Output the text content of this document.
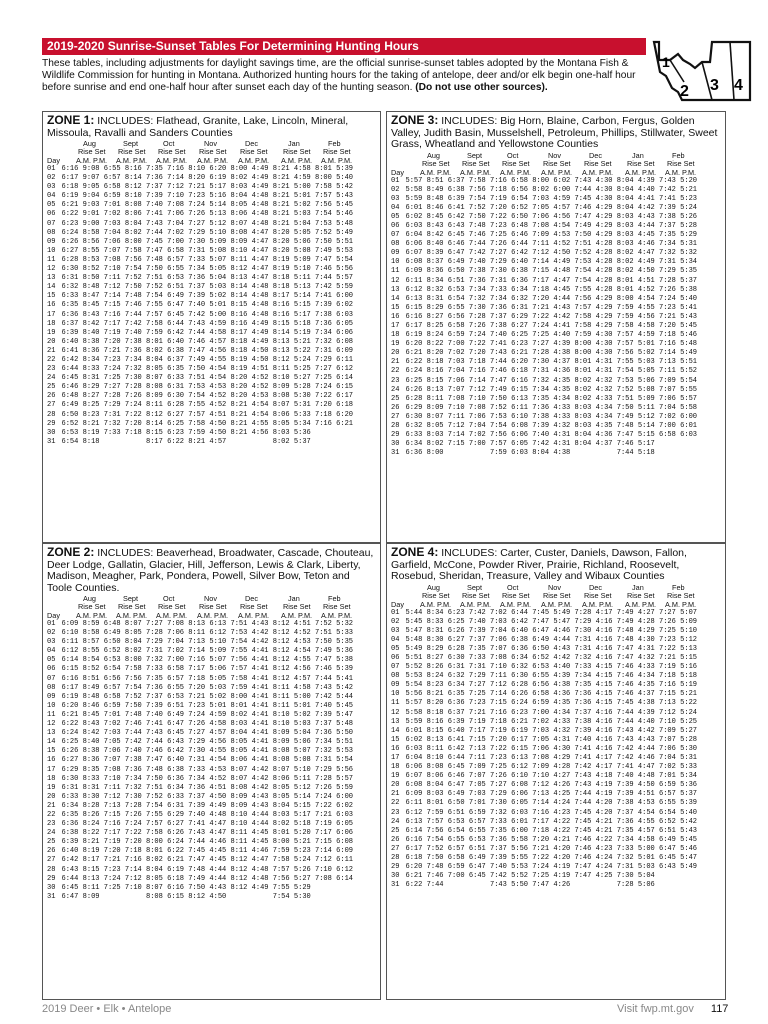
2019-2020 Sunrise-Sunset Tables For Determining Hunting Hours
These tables, including adjustments for daylight savings time, are the official sunrise-sunset tables adopted by the Montana Fish & Wildlife Commission for hunting in Montana. Authorized hunting hours for the taking of antelope, deer and/or elk begin one-half hour before sunrise and end one-half hour after sunset each day of the hunting season. (Do not use other sources).
1
2 3 4
ZONE 1: INCLUDES: Flathead, Granite, Lake, Lincoln, Mineral, Missoula, Ravalli and Sanders Counties
Aug
Rise Set
A.M. P.M.
Sept
Rise Set
A.M. P.M.
Oct
Rise Set
A.M. P.M.
Nov
Rise Set
A.M. P.M.
Dec
Rise Set
A.M. P.M.
Jan
Rise Set
A.M. P.M.
Feb
Rise Set
A.M. P.M.
Day
01	6:16 9:08	6:55 8:16	7:35 7:16	8:10 6:20	8:00 4:49	8:21 4:58	8:01 5:39
02	6:17 9:07	6:57 8:14	7:36 7:14	8:20 6:19	8:02 4:49	8:21 4:59	8:00 5:40
03	6:18 9:05	6:58 8:12	7:37 7:12	7:21 5:17	8:03 4:49	8:21 5:00	7:58 5:42
04	6:19 9:04	6:59 8:10	7:39 7:10	7:23 5:16	8:04 4:48	8:21 5:01	7:57 5:43
05	6:21 9:03	7:01 8:08	7:40 7:08	7:24 5:14	8:05 4:48	8:21 5:02	7:56 5:45
06	6:22 9:01	7:02 8:06	7:41 7:06	7:26 5:13	8:06 4:48	8:21 5:03	7:54 5:46
07	6:23 9:00	7:03 8:04	7:43 7:04	7:27 5:12	8:07 4:48	8:21 5:04	7:53 5:48
08	6:24 8:58	7:04 8:02	7:44 7:02	7:29 5:10	8:08 4:47	8:20 5:05	7:52 5:49
09	6:26 8:56	7:06 8:00	7:45 7:00	7:30 5:09	8:09 4:47	8:20 5:06	7:50 5:51
10	6:27 8:55	7:07 7:58	7:47 6:58	7:31 5:08	8:10 4:47	8:20 5:08	7:49 5:53
11	6:28 8:53	7:08 7:56	7:48 6:57	7:33 5:07	8:11 4:47	8:19 5:09	7:47 5:54
12	6:30 8:52	7:10 7:54	7:50 6:55	7:34 5:05	8:12 4:47	8:19 5:10	7:46 5:56
13	6:31 8:50	7:11 7:52	7:51 6:53	7:36 5:04	8:13 4:47	8:18 5:11	7:44 5:57
14	6:32 8:48	7:12 7:50	7:52 6:51	7:37 5:03	8:14 4:48	8:18 5:13	7:42 5:59
15	6:33 8:47	7:14 7:48	7:54 6:49	7:39 5:02	8:14 4:48	8:17 5:14	7:41 6:00
16	6:35 8:45	7:15 7:46	7:55 6:47	7:40 5:01	8:15 4:48	8:16 5:15	7:39 6:02
17	6:36 8:43	7:16 7:44	7:57 6:45	7:42 5:00	8:16 4:48	8:16 5:17	7:38 6:03
18	6:37 8:42	7:17 7:42	7:58 6:44	7:43 4:59	8:16 4:49	8:15 5:18	7:36 6:05
19	6:39 8:40	7:19 7:40	7:59 6:42	7:44 4:58	8:17 4:49	8:14 5:19	7:34 6:06
20	6:40 8:38	7:20 7:38	8:01 6:40	7:46 4:57	8:18 4:49	8:13 5:21	7:32 6:08
21	6:41 8:36	7:21 7:36	8:02 6:38	7:47 4:56	8:18 4:50	8:13 5:22	7:31 6:09
22	6:42 8:34	7:23 7:34	8:04 6:37	7:49 4:55	8:19 4:50	8:12 5:24	7:29 6:11
23	6:44 8:33	7:24 7:32	8:05 6:35	7:50 4:54	8:19 4:51	8:11 5:25	7:27 6:12
24	6:45 8:31	7:25 7:30	8:07 6:33	7:51 4:54	8:20 4:52	8:10 5:27	7:25 6:14
25	6:46 8:29	7:27 7:28	8:08 6:31	7:53 4:53	8:20 4:52	8:09 5:28	7:24 6:15
26	6:48 8:27	7:28 7:26	8:09 6:30	7:54 4:52	8:20 4:53	8:08 5:30	7:22 6:17
27	6:49 8:25	7:29 7:24	8:11 6:28	7:55 4:52	8:21 4:54	8:07 5:31	7:20 6:18
28	6:50 8:23	7:31 7:22	8:12 6:27	7:57 4:51	8:21 4:54	8:06 5:33	7:18 6:20
29	6:52 8:21	7:32 7:20	8:14 6:25	7:58 4:50	8:21 4:55	8:05 5:34	7:16 6:21
30	6:53 8:19	7:33 7:18	8:15 6:23	7:59 4:50	8:21 4:56	8:03 5:36	
31	6:54 8:18		8:17 6:22	8:21 4:57		8:02 5:37	
ZONE 3: INCLUDES: Big Horn, Blaine, Carbon, Fergus, Golden Valley, Judith Basin, Musselshell, Petroleum, Phillips, Stillwater, Sweet Grass, Wheatland and Yellowstone Counties
Aug
Rise Set
A.M. P.M.
Sept
Rise Set
A.M. P.M.
Oct
Rise Set
A.M. P.M.
Nov
Rise Set
A.M. P.M.
Dec
Rise Set
A.M. P.M.
Jan
Rise Set
A.M. P.M.
Feb
Rise Set
A.M. P.M.
Day
01	5:57 8:51	6:37 7:58	7:16 6:58	8:00 6:02	7:43 4:30	8:04 4:39	7:43 5:20
02	5:58 8:49	6:38 7:56	7:18 6:56	8:02 6:00	7:44 4:30	8:04 4:40	7:42 5:21
03	5:59 8:48	6:39 7:54	7:19 6:54	7:03 4:59	7:45 4:30	8:04 4:41	7:41 5:23
04	6:01 8:46	6:41 7:52	7:20 6:52	7:05 4:57	7:46 4:29	8:04 4:42	7:39 5:24
05	6:02 8:45	6:42 7:50	7:22 6:50	7:06 4:56	7:47 4:29	8:03 4:43	7:38 5:26
06	6:03 8:43	6:43 7:48	7:23 6:48	7:08 4:54	7:49 4:29	8:03 4:44	7:37 5:28
07	6:04 8:42	6:45 7:46	7:25 6:46	7:09 4:53	7:50 4:29	8:03 4:45	7:35 5:29
08	6:06 8:40	6:46 7:44	7:26 6:44	7:11 4:52	7:51 4:28	8:03 4:46	7:34 5:31
09	6:07 8:39	6:47 7:42	7:27 6:42	7:12 4:50	7:52 4:28	8:02 4:47	7:32 5:32
10	6:08 8:37	6:49 7:40	7:29 6:40	7:14 4:49	7:53 4:28	8:02 4:49	7:31 5:34
11	6:09 8:36	6:50 7:38	7:30 6:38	7:15 4:48	7:54 4:28	8:02 4:50	7:29 5:35
12	6:11 8:34	6:51 7:36	7:31 6:36	7:17 4:47	7:54 4:28	8:01 4:51	7:28 5:37
13	6:12 8:32	6:53 7:34	7:33 6:34	7:18 4:45	7:55 4:28	8:01 4:52	7:26 5:38
14	6:13 8:31	6:54 7:32	7:34 6:32	7:20 4:44	7:56 4:29	8:00 4:54	7:24 5:40
15	6:15 8:29	6:55 7:30	7:36 6:31	7:21 4:43	7:57 4:29	7:59 4:55	7:23 5:41
16	6:16 8:27	6:56 7:28	7:37 6:29	7:22 4:42	7:58 4:29	7:59 4:56	7:21 5:43
17	6:17 8:25	6:58 7:26	7:38 6:27	7:24 4:41	7:58 4:29	7:58 4:58	7:20 5:45
18	6:19 8:24	6:59 7:24	7:40 6:25	7:25 4:40	7:59 4:30	7:57 4:59	7:18 5:46
19	6:20 8:22	7:00 7:22	7:41 6:23	7:27 4:39	8:00 4:30	7:57 5:01	7:16 5:48
20	6:21 8:20	7:02 7:20	7:43 6:21	7:28 4:38	8:00 4:30	7:56 5:02	7:14 5:49
21	6:22 8:18	7:03 7:18	7:44 6:20	7:30 4:37	8:01 4:31	7:55 5:03	7:13 5:51
22	6:24 8:16	7:04 7:16	7:46 6:18	7:31 4:36	8:01 4:31	7:54 5:05	7:11 5:52
23	6:25 8:15	7:06 7:14	7:47 6:16	7:32 4:35	8:02 4:32	7:53 5:06	7:09 5:54
24	6:26 8:13	7:07 7:12	7:49 6:15	7:34 4:35	8:02 4:32	7:52 5:08	7:07 5:55
25	6:28 8:11	7:08 7:10	7:50 6:13	7:35 4:34	8:02 4:33	7:51 5:09	7:06 5:57
26	6:29 8:09	7:10 7:08	7:52 6:11	7:36 4:33	8:03 4:34	7:50 5:11	7:04 5:58
27	6:30 8:07	7:11 7:06	7:53 6:10	7:38 4:33	8:03 4:34	7:49 5:12	7:02 6:00
28	6:32 8:05	7:12 7:04	7:54 6:08	7:39 4:32	8:03 4:35	7:48 5:14	7:00 6:01
29	6:33 8:03	7:14 7:02	7:56 6:06	7:40 4:31	8:04 4:36	7:47 5:15	6:58 6:03
30	6:34 8:02	7:15 7:00	7:57 6:05	7:42 4:31	8:04 4:37	7:46 5:17	
31	6:36 8:00		7:59 6:03	8:04 4:38		7:44 5:18	
ZONE 2: INCLUDES: Beaverhead, Broadwater, Cascade, Chouteau, Deer Lodge, Gallatin, Glacier, Hill, Jefferson, Lewis & Clark, Liberty, Madison, Meagher, Park, Pondera, Powell, Silver Bow, Teton and Toole Counties.
Aug
Rise Set
A.M. P.M.
Sept
Rise Set
A.M. P.M.
Oct
Rise Set
A.M. P.M.
Nov
Rise Set
A.M. P.M.
Dec
Rise Set
A.M. P.M.
Jan
Rise Set
A.M. P.M.
Feb
Rise Set
A.M. P.M.
Day
01	6:09 8:59	6:48 8:07	7:27 7:08	8:13 6:13	7:51 4:43	8:12 4:51	7:52 5:32
02	6:10 8:58	6:49 8:05	7:28 7:06	8:11 6:12	7:53 4:42	8:12 4:52	7:51 5:33
03	6:11 8:57	6:50 8:04	7:29 7:04	7:13 5:10	7:54 4:42	8:12 4:53	7:50 5:35
04	6:12 8:55	6:52 8:02	7:31 7:02	7:14 5:09	7:55 4:41	8:12 4:54	7:49 5:36
05	6:14 8:54	6:53 8:00	7:32 7:00	7:16 5:07	7:56 4:41	8:12 4:55	7:47 5:38
06	6:15 8:52	6:54 7:58	7:33 6:58	7:17 5:06	7:57 4:41	8:12 4:56	7:46 5:39
07	6:16 8:51	6:56 7:56	7:35 6:57	7:18 5:05	7:58 4:41	8:12 4:57	7:44 5:41
08	6:17 8:49	6:57 7:54	7:36 6:55	7:20 5:03	7:59 4:41	8:11 4:58	7:43 5:42
09	6:19 8:48	6:58 7:52	7:37 6:53	7:21 5:02	8:00 4:41	8:11 5:00	7:42 5:44
10	6:20 8:46	6:59 7:50	7:39 6:51	7:23 5:01	8:01 4:41	8:11 5:01	7:40 5:45
11	6:21 8:45	7:01 7:48	7:40 6:49	7:24 4:59	8:02 4:41	8:10 5:02	7:39 5:47
12	6:22 8:43	7:02 7:46	7:41 6:47	7:26 4:58	8:03 4:41	8:10 5:03	7:37 5:48
13	6:24 8:42	7:03 7:44	7:43 6:45	7:27 4:57	8:04 4:41	8:09 5:04	7:36 5:50
14	6:25 8:40	7:05 7:42	7:44 6:43	7:29 4:56	8:05 4:41	8:09 5:06	7:34 5:51
15	6:26 8:38	7:06 7:40	7:46 6:42	7:30 4:55	8:05 4:41	8:08 5:07	7:32 5:53
16	6:27 8:36	7:07 7:38	7:47 6:40	7:31 4:54	8:06 4:41	8:08 5:08	7:31 5:54
17	6:29 8:35	7:08 7:36	7:48 6:38	7:33 4:53	8:07 4:42	8:07 5:10	7:29 5:56
18	6:30 8:33	7:10 7:34	7:50 6:36	7:34 4:52	8:07 4:42	8:06 5:11	7:28 5:57
19	6:31 8:31	7:11 7:32	7:51 6:34	7:36 4:51	8:08 4:42	8:05 5:12	7:26 5:59
20	6:33 8:30	7:12 7:30	7:52 6:33	7:37 4:50	8:09 4:43	8:05 5:14	7:24 6:00
21	6:34 8:28	7:13 7:28	7:54 6:31	7:39 4:49	8:09 4:43	8:04 5:15	7:22 6:02
22	6:35 8:26	7:15 7:26	7:55 6:29	7:40 4:48	8:10 4:44	8:03 5:17	7:21 6:03
23	6:36 8:24	7:16 7:24	7:57 6:27	7:41 4:47	8:10 4:44	8:02 5:18	7:19 6:05
24	6:38 8:22	7:17 7:22	7:58 6:26	7:43 4:47	8:11 4:45	8:01 5:20	7:17 6:06
25	6:39 8:21	7:19 7:20	8:00 6:24	7:44 4:46	8:11 4:45	8:00 5:21	7:15 6:08
26	6:40 8:19	7:20 7:18	8:01 6:22	7:45 4:45	8:11 4:46	7:59 5:23	7:14 6:09
27	6:42 8:17	7:21 7:16	8:02 6:21	7:47 4:45	8:12 4:47	7:58 5:24	7:12 6:11
28	6:43 8:15	7:23 7:14	8:04 6:19	7:48 4:44	8:12 4:48	7:57 5:26	7:10 6:12
29	6:44 8:13	7:24 7:12	8:05 6:18	7:49 4:44	8:12 4:48	7:56 5:27	7:08 6:14
30	6:45 8:11	7:25 7:10	8:07 6:16	7:50 4:43	8:12 4:49	7:55 5:29	
31	6:47 8:09		8:08 6:15	8:12 4:50		7:54 5:30	
ZONE 4: INCLUDES: Carter, Custer, Daniels, Dawson, Fallon, Garfield, McCone, Powder River, Prairie, Richland, Roosevelt, Rosebud, Sheridan, Treasure, Valley and Wibaux Counties
Aug
Rise Set
A.M. P.M.
Sept
Rise Set
A.M. P.M.
Oct
Rise Set
A.M. P.M.
Nov
Rise Set
A.M. P.M.
Dec
Rise Set
A.M. P.M.
Jan
Rise Set
A.M. P.M.
Feb
Rise Set
A.M. P.M.
Day
01	5:44 8:34	6:23 7:42	7:02 6:44	7:45 5:49	7:28 4:17	7:49 4:27	7:27 5:07
02	5:45 8:33	6:25 7:40	7:03 6:42	7:47 5:47	7:29 4:16	7:49 4:28	7:26 5:09
03	5:47 8:31	6:26 7:39	7:04 6:40	6:47 4:46	7:30 4:16	7:48 4:29	7:25 5:10
04	5:48 8:30	6:27 7:37	7:06 6:38	6:49 4:44	7:31 4:16	7:48 4:30	7:23 5:12
05	5:49 8:29	6:28 7:35	7:07 6:36	6:50 4:43	7:31 4:16	7:47 4:31	7:22 5:13
06	5:51 8:27	6:30 7:33	7:08 6:34	6:52 4:42	7:32 4:16	7:47 4:32	7:21 5:15
07	5:52 8:26	6:31 7:31	7:10 6:32	6:53 4:40	7:33 4:15	7:46 4:33	7:19 5:16
08	5:53 8:24	6:32 7:29	7:11 6:30	6:55 4:39	7:34 4:15	7:46 4:34	7:18 5:18
09	5:54 8:23	6:34 7:27	7:12 6:28	6:56 4:38	7:35 4:15	7:46 4:35	7:16 5:19
10	5:56 8:21	6:35 7:25	7:14 6:26	6:58 4:36	7:36 4:15	7:46 4:37	7:15 5:21
11	5:57 8:20	6:36 7:23	7:15 6:24	6:59 4:35	7:36 4:15	7:45 4:38	7:13 5:22
12	5:58 8:18	6:37 7:21	7:16 6:23	7:00 4:34	7:37 4:16	7:44 4:39	7:12 5:24
13	5:59 8:16	6:39 7:19	7:18 6:21	7:02 4:33	7:38 4:16	7:44 4:40	7:10 5:25
14	6:01 8:15	6:40 7:17	7:19 6:19	7:03 4:32	7:39 4:16	7:43 4:42	7:09 5:27
15	6:02 8:13	6:41 7:15	7:20 6:17	7:05 4:31	7:40 4:16	7:43 4:43	7:07 5:28
16	6:03 8:11	6:42 7:13	7:22 6:15	7:06 4:30	7:41 4:16	7:42 4:44	7:06 5:30
17	6:04 8:10	6:44 7:11	7:23 6:13	7:08 4:29	7:41 4:17	7:42 4:46	7:04 5:31
18	6:06 8:08	6:45 7:09	7:25 6:12	7:09 4:28	7:42 4:17	7:41 4:47	7:02 5:33
19	6:07 8:06	6:46 7:07	7:26 6:10	7:10 4:27	7:43 4:18	7:40 4:48	7:01 5:34
20	6:08 8:04	6:47 7:05	7:27 6:08	7:12 4:26	7:43 4:19	7:39 4:50	6:59 5:36
21	6:09 8:03	6:49 7:03	7:29 6:06	7:13 4:25	7:44 4:19	7:39 4:51	6:57 5:37
22	6:11 8:01	6:50 7:01	7:30 6:05	7:14 4:24	7:44 4:20	7:38 4:53	6:55 5:39
23	6:12 7:59	6:51 6:59	7:32 6:03	7:16 4:23	7:45 4:20	7:37 4:54	6:54 5:40
24	6:13 7:57	6:53 6:57	7:33 6:01	7:17 4:22	7:45 4:21	7:36 4:55	6:52 5:42
25	6:14 7:56	6:54 6:55	7:35 6:00	7:18 4:22	7:45 4:21	7:35 4:57	6:51 5:43
26	6:16 7:54	6:55 6:53	7:36 5:58	7:20 4:21	7:46 4:22	7:34 4:58	6:49 5:45
27	6:17 7:52	6:57 6:51	7:37 5:56	7:21 4:20	7:46 4:23	7:33 5:00	6:47 5:46
28	6:18 7:50	6:58 6:49	7:39 5:55	7:22 4:20	7:46 4:24	7:32 5:01	6:45 5:47
29	6:20 7:48	6:59 6:47	7:40 5:53	7:24 4:19	7:47 4:24	7:31 5:03	6:43 5:49
30	6:21 7:46	7:00 6:45	7:42 5:52	7:25 4:19	7:47 4:25	7:30 5:04	
31	6:22 7:44		7:43 5:50	7:47 4:26		7:28 5:06	
2019 Deer • Elk • Antelope	Visit fwp.mt.gov 117
